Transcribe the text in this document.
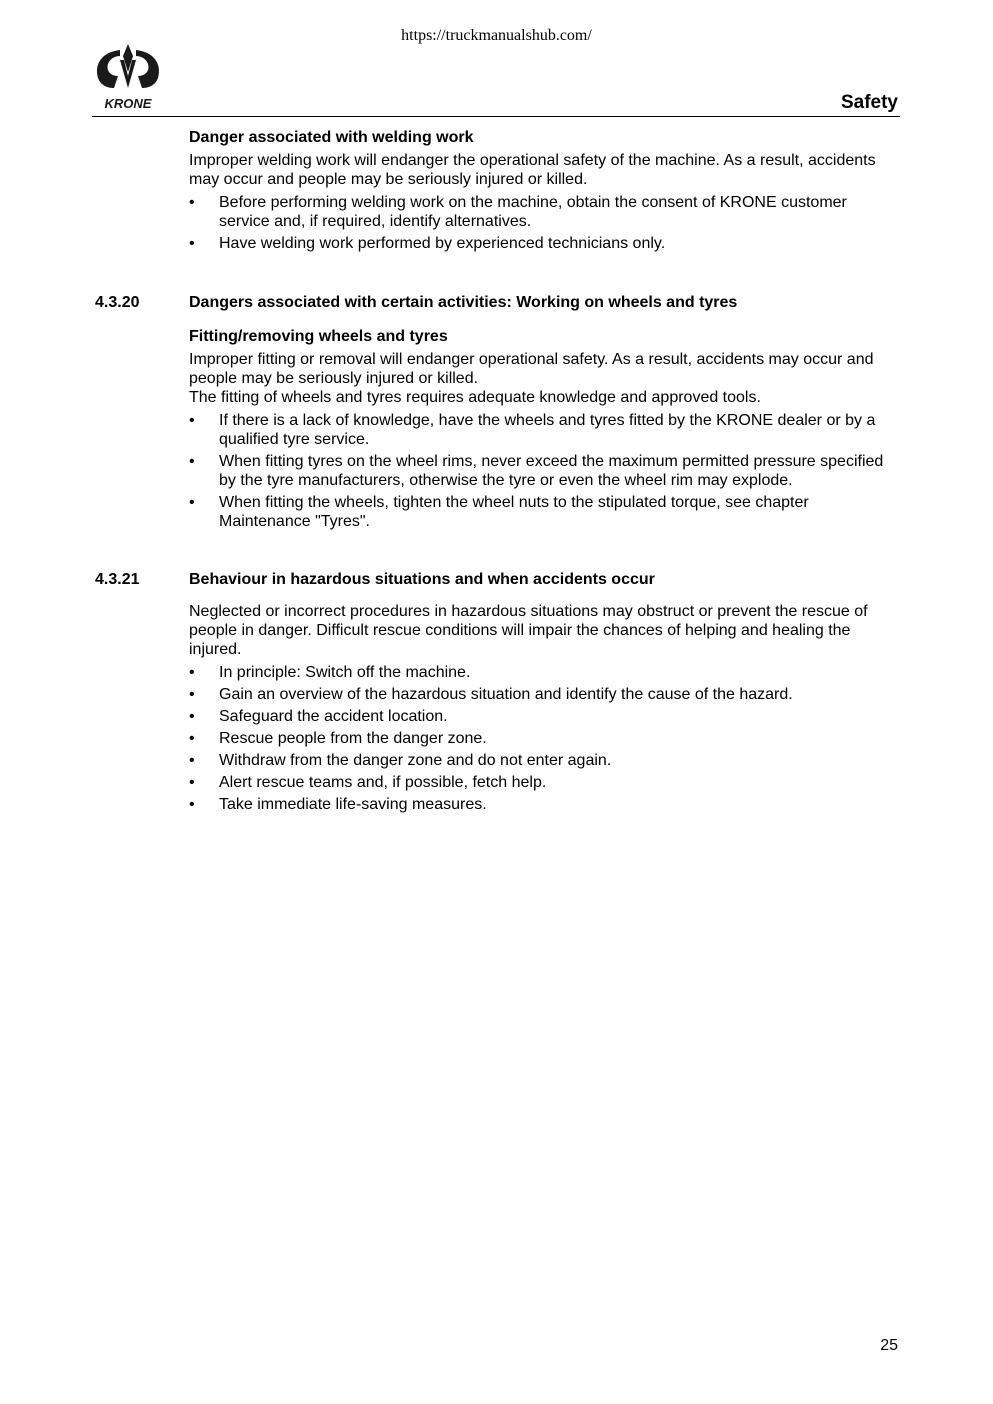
https://truckmanualshub.com/
KRONE	Safety

Danger associated with welding work

Improper welding work will endanger the operational safety of the machine. As a result, accidents may occur and people may be seriously injured or killed.

• Before performing welding work on the machine, obtain the consent of KRONE customer service and, if required, identify alternatives.
• Have welding work performed by experienced technicians only.
4.3.20	Dangers associated with certain activities: Working on wheels and tyres

Fitting/removing wheels and tyres

Improper fitting or removal will endanger operational safety. As a result, accidents may occur and people may be seriously injured or killed.

The fitting of wheels and tyres requires adequate knowledge and approved tools.

• If there is a lack of knowledge, have the wheels and tyres fitted by the KRONE dealer or by a qualified tyre service.
• When fitting tyres on the wheel rims, never exceed the maximum permitted pressure specified by the tyre manufacturers, otherwise the tyre or even the wheel rim may explode.
• When fitting the wheels, tighten the wheel nuts to the stipulated torque, see chapter Maintenance "Tyres".
4.3.21	Behaviour in hazardous situations and when accidents occur

Neglected or incorrect procedures in hazardous situations may obstruct or prevent the rescue of people in danger. Difficult rescue conditions will impair the chances of helping and healing the injured.

• In principle: Switch off the machine.
• Gain an overview of the hazardous situation and identify the cause of the hazard.
• Safeguard the accident location.
• Rescue people from the danger zone.
• Withdraw from the danger zone and do not enter again.
• Alert rescue teams and, if possible, fetch help.
• Take immediate life-saving measures.
25
